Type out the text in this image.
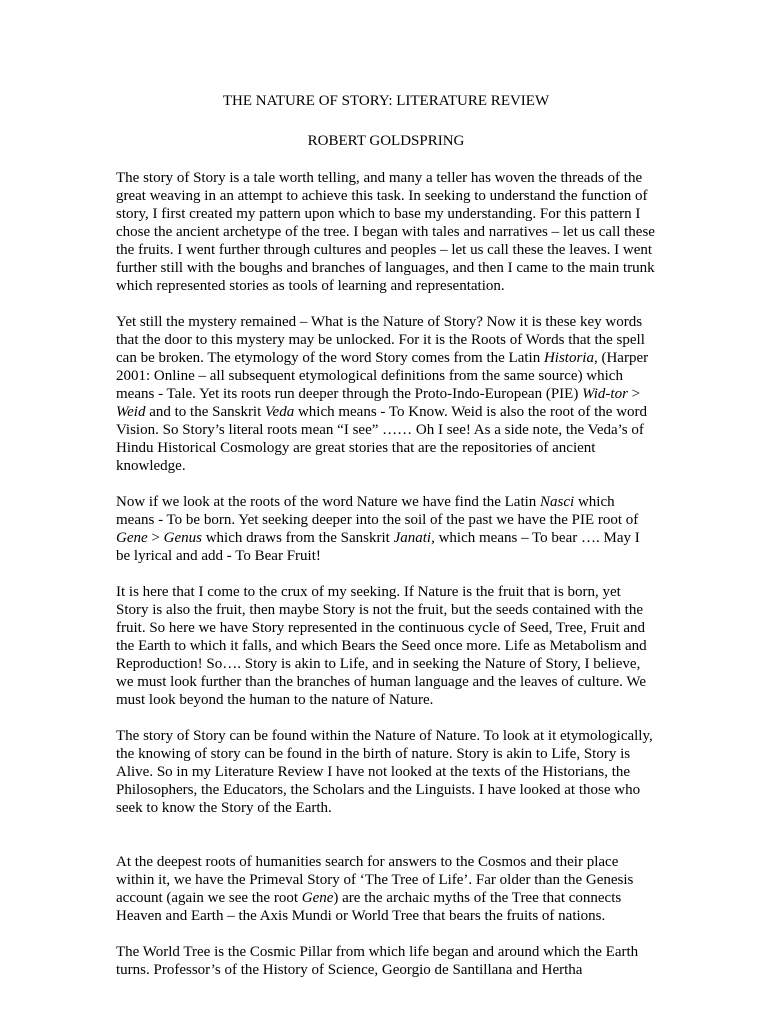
THE NATURE OF STORY: LITERATURE REVIEW
ROBERT GOLDSPRING

The story of Story is a tale worth telling, and many a teller has woven the threads of the great weaving in an attempt to achieve this task. In seeking to understand the function of story, I first created my pattern upon which to base my understanding. For this pattern I chose the ancient archetype of the tree. I began with tales and narratives – let us call these the fruits. I went further through cultures and peoples – let us call these the leaves. I went further still with the boughs and branches of languages, and then I came to the main trunk which represented stories as tools of learning and representation.

Yet still the mystery remained – What is the Nature of Story? Now it is these key words that the door to this mystery may be unlocked. For it is the Roots of Words that the spell can be broken. The etymology of the word Story comes from the Latin Historia, (Harper 2001: Online – all subsequent etymological definitions from the same source) which means - Tale. Yet its roots run deeper through the Proto-Indo-European (PIE) Wid-tor > Weid and to the Sanskrit Veda which means - To Know. Weid is also the root of the word Vision. So Story’s literal roots mean “I see” …… Oh I see! As a side note, the Veda’s of Hindu Historical Cosmology are great stories that are the repositories of ancient knowledge.

Now if we look at the roots of the word Nature we have find the Latin Nasci which means - To be born. Yet seeking deeper into the soil of the past we have the PIE root of Gene > Genus which draws from the Sanskrit Janati, which means – To bear …. May I be lyrical and add - To Bear Fruit!

It is here that I come to the crux of my seeking. If Nature is the fruit that is born, yet Story is also the fruit, then maybe Story is not the fruit, but the seeds contained with the fruit. So here we have Story represented in the continuous cycle of Seed, Tree, Fruit and the Earth to which it falls, and which Bears the Seed once more. Life as Metabolism and Reproduction! So…. Story is akin to Life, and in seeking the Nature of Story, I believe, we must look further than the branches of human language and the leaves of culture. We must look beyond the human to the nature of Nature.

The story of Story can be found within the Nature of Nature. To look at it etymologically, the knowing of story can be found in the birth of nature. Story is akin to Life, Story is Alive. So in my Literature Review I have not looked at the texts of the Historians, the Philosophers, the Educators, the Scholars and the Linguists. I have looked at those who seek to know the Story of the Earth.

At the deepest roots of humanities search for answers to the Cosmos and their place within it, we have the Primeval Story of ‘The Tree of Life’. Far older than the Genesis account (again we see the root Gene) are the archaic myths of the Tree that connects Heaven and Earth – the Axis Mundi or World Tree that bears the fruits of nations.

The World Tree is the Cosmic Pillar from which life began and around which the Earth turns. Professor’s of the History of Science, Georgio de Santillana and Hertha
